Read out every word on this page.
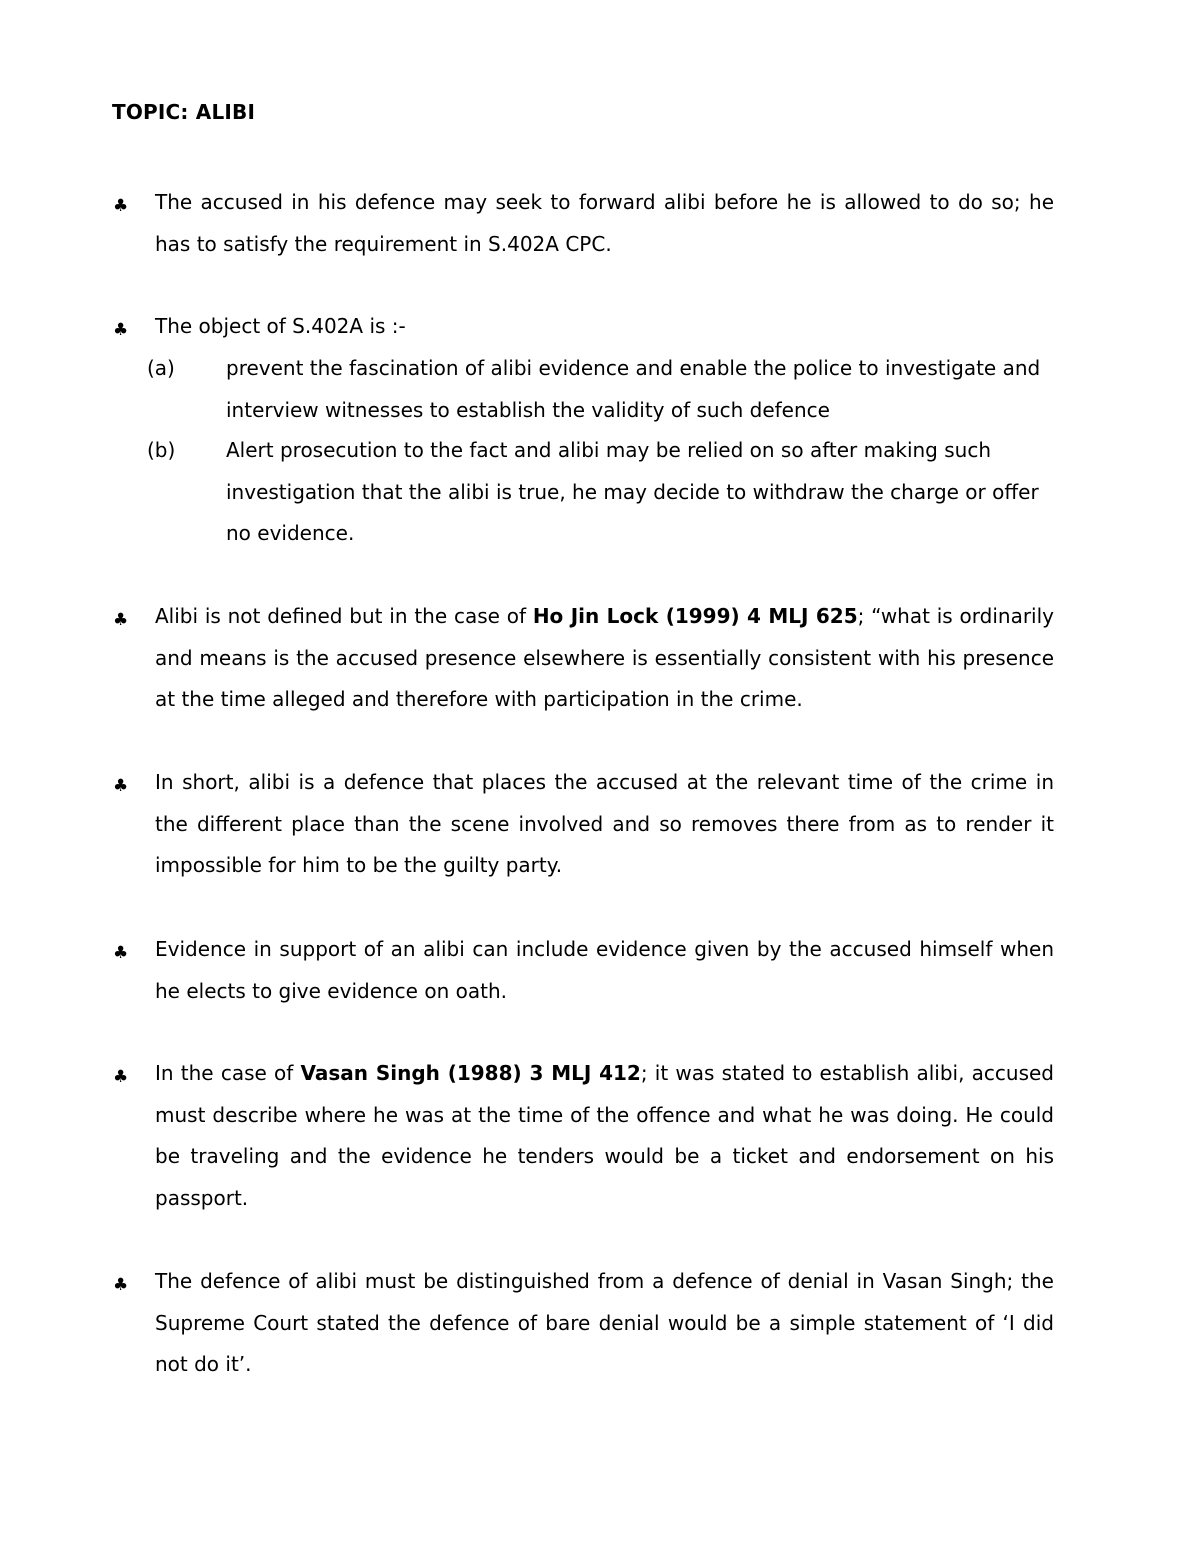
TOPIC: ALIBI
♣ The accused in his defence may seek to forward alibi before he is allowed to do so; he has to satisfy the requirement in S.402A CPC.
♣ The object of S.402A is :-
(a)	prevent the fascination of alibi evidence and enable the police to investigate and interview witnesses to establish the validity of such defence
(b)	Alert prosecution to the fact and alibi may be relied on so after making such investigation that the alibi is true, he may decide to withdraw the charge or offer no evidence.
♣ Alibi is not defined but in the case of Ho Jin Lock (1999) 4 MLJ 625; “what is ordinarily and means is the accused presence elsewhere is essentially consistent with his presence at the time alleged and therefore with participation in the crime.
♣ In short, alibi is a defence that places the accused at the relevant time of the crime in the different place than the scene involved and so removes there from as to render it impossible for him to be the guilty party.
♣ Evidence in support of an alibi can include evidence given by the accused himself when he elects to give evidence on oath.
♣ In the case of Vasan Singh (1988) 3 MLJ 412; it was stated to establish alibi, accused must describe where he was at the time of the offence and what he was doing. He could be traveling and the evidence he tenders would be a ticket and endorsement on his passport.
♣ The defence of alibi must be distinguished from a defence of denial in Vasan Singh; the Supreme Court stated the defence of bare denial would be a simple statement of ‘I did not do it’.
